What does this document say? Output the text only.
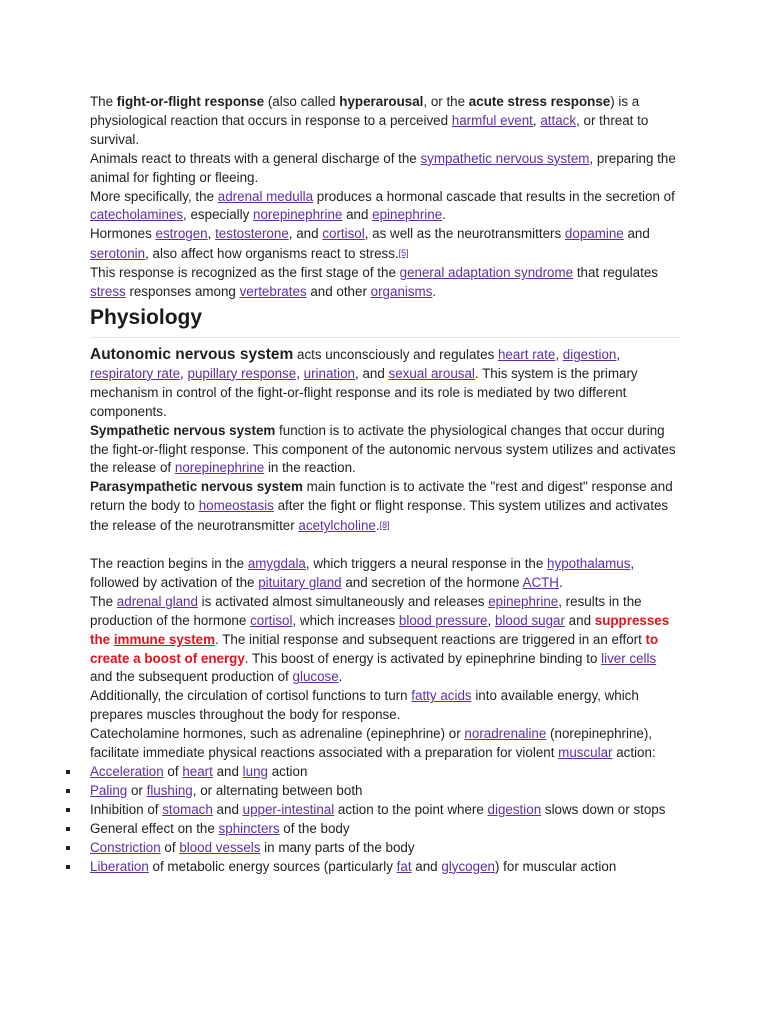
The fight-or-flight response (also called hyperarousal, or the acute stress response) is a physiological reaction that occurs in response to a perceived harmful event, attack, or threat to survival.

Animals react to threats with a general discharge of the sympathetic nervous system, preparing the animal for fighting or fleeing.

More specifically, the adrenal medulla produces a hormonal cascade that results in the secretion of catecholamines, especially norepinephrine and epinephrine.

Hormones estrogen, testosterone, and cortisol, as well as the neurotransmitters dopamine and serotonin, also affect how organisms react to stress.[5]

This response is recognized as the first stage of the general adaptation syndrome that regulates stress responses among vertebrates and other organisms.

Physiology

Autonomic nervous system acts unconsciously and regulates heart rate, digestion, respiratory rate, pupillary response, urination, and sexual arousal. This system is the primary mechanism in control of the fight-or-flight response and its role is mediated by two different components.

Sympathetic nervous system function is to activate the physiological changes that occur during the fight-or-flight response. This component of the autonomic nervous system utilizes and activates the release of norepinephrine in the reaction.

Parasympathetic nervous system main function is to activate the "rest and digest" response and return the body to homeostasis after the fight or flight response. This system utilizes and activates the release of the neurotransmitter acetylcholine.[8]

The reaction begins in the amygdala, which triggers a neural response in the hypothalamus, followed by activation of the pituitary gland and secretion of the hormone ACTH.

The adrenal gland is activated almost simultaneously and releases epinephrine, results in the production of the hormone cortisol, which increases blood pressure, blood sugar and suppresses the immune system. The initial response and subsequent reactions are triggered in an effort to create a boost of energy. This boost of energy is activated by epinephrine binding to liver cells and the subsequent production of glucose.

Additionally, the circulation of cortisol functions to turn fatty acids into available energy, which prepares muscles throughout the body for response.

Catecholamine hormones, such as adrenaline (epinephrine) or noradrenaline (norepinephrine), facilitate immediate physical reactions associated with a preparation for violent muscular action:

Acceleration of heart and lung action
Paling or flushing, or alternating between both
Inhibition of stomach and upper-intestinal action to the point where digestion slows down or stops
General effect on the sphincters of the body
Constriction of blood vessels in many parts of the body
Liberation of metabolic energy sources (particularly fat and glycogen) for muscular action
